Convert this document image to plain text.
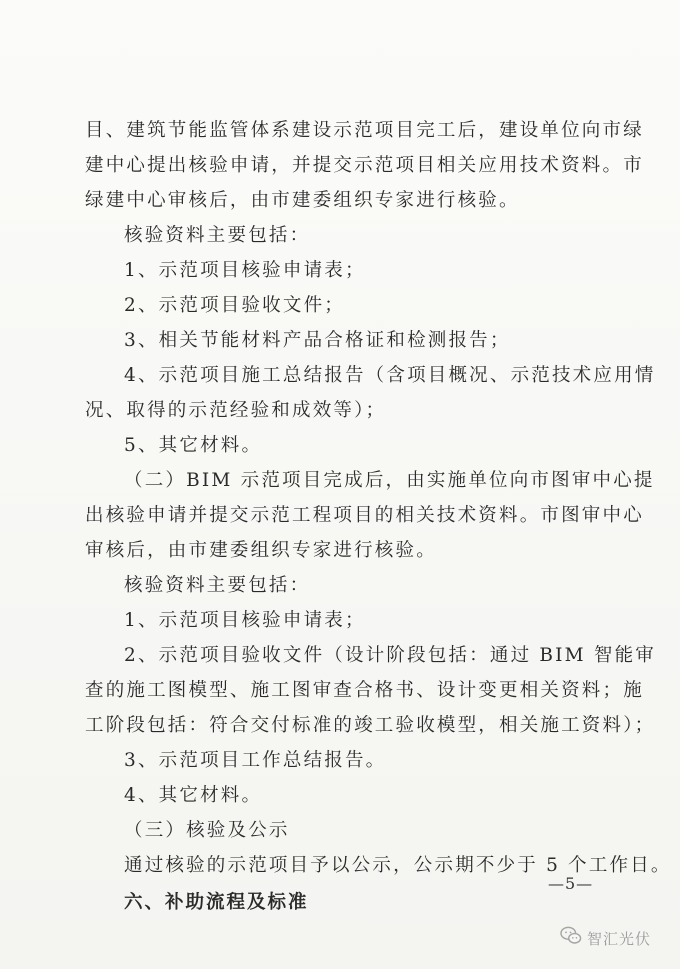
目、建筑节能监管体系建设示范项目完工后，建设单位向市绿
建中心提出核验申请，并提交示范项目相关应用技术资料。市
绿建中心审核后，由市建委组织专家进行核验。
核验资料主要包括：
1、示范项目核验申请表；
2、示范项目验收文件；
3、相关节能材料产品合格证和检测报告；
4、示范项目施工总结报告（含项目概况、示范技术应用情
况、取得的示范经验和成效等）；
5、其它材料。
（二）BIM 示范项目完成后，由实施单位向市图审中心提
出核验申请并提交示范工程项目的相关技术资料。市图审中心
审核后，由市建委组织专家进行核验。
核验资料主要包括：
1、示范项目核验申请表；
2、示范项目验收文件（设计阶段包括：通过 BIM 智能审
查的施工图模型、施工图审查合格书、设计变更相关资料；施
工阶段包括：符合交付标准的竣工验收模型，相关施工资料）；
3、示范项目工作总结报告。
4、其它材料。
（三）核验及公示
通过核验的示范项目予以公示，公示期不少于 5 个工作日。
六、补助流程及标准
—5—
智汇光伏
